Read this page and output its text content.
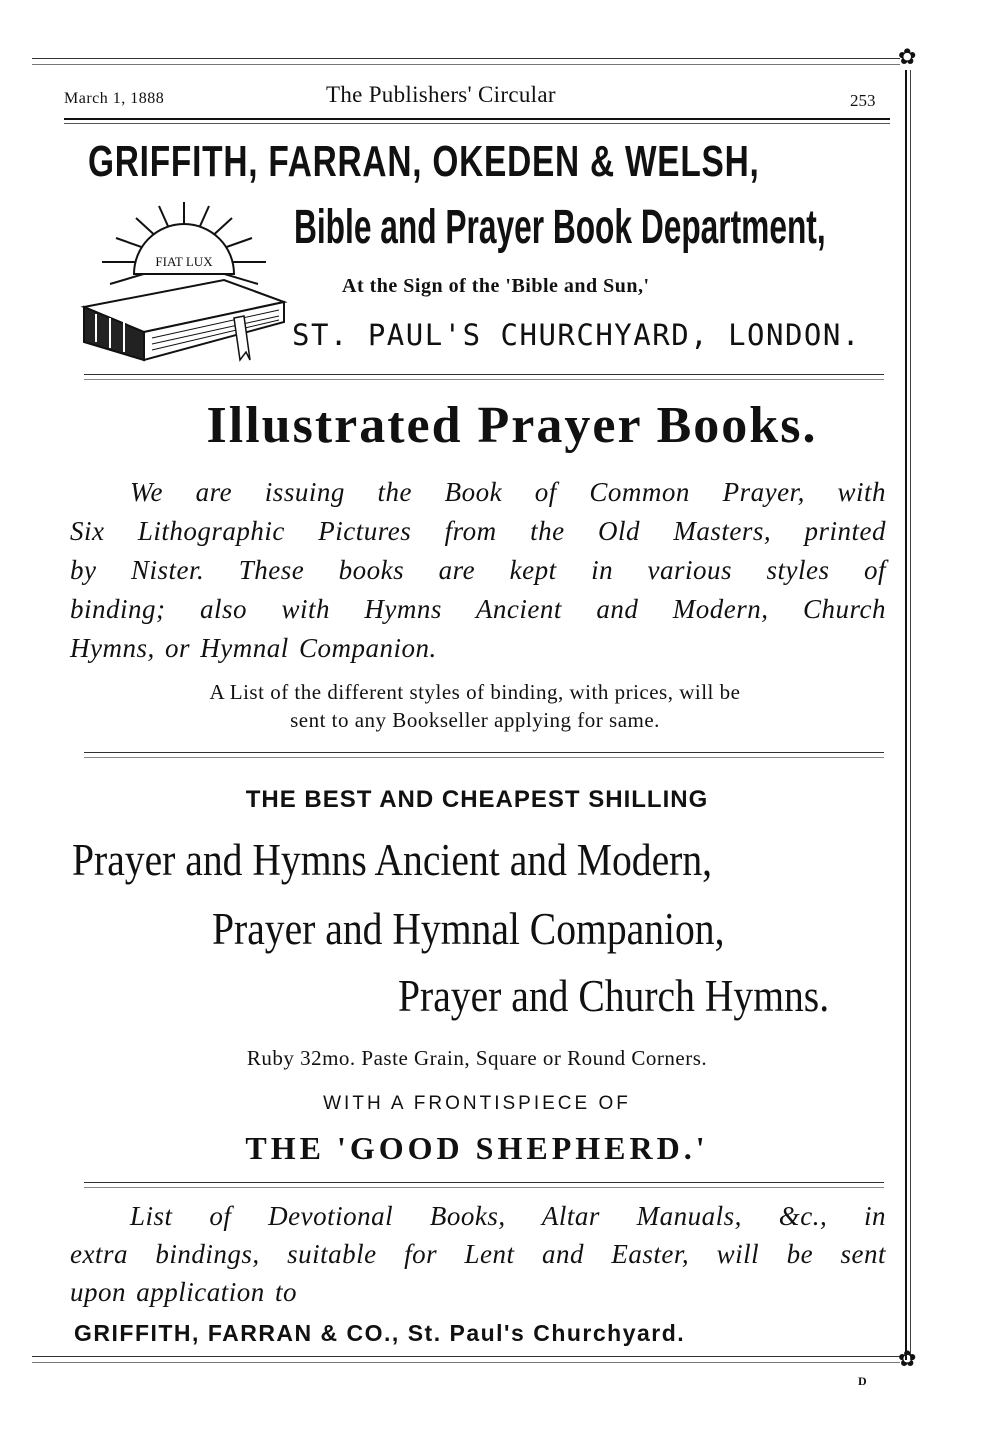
✿
March 1, 1888	The Publishers' Circular	253
GRIFFITH, FARRAN, OKEDEN & WELSH,
FIAT LUX
Bible and Prayer Book Department,
At the Sign of the 'Bible and Sun,'
ST. PAUL'S CHURCHYARD, LONDON.
Illustrated Prayer Books.
We are issuing the Book of Common Prayer, with
Six Lithographic Pictures from the Old Masters, printed
by Nister. These books are kept in various styles of
binding; also with Hymns Ancient and Modern, Church
Hymns, or Hymnal Companion.
A List of the different styles of binding, with prices, will be
sent to any Bookseller applying for same.
THE BEST AND CHEAPEST SHILLING
Prayer and Hymns Ancient and Modern,
Prayer and Hymnal Companion,
Prayer and Church Hymns.
Ruby 32mo. Paste Grain, Square or Round Corners.
WITH A FRONTISPIECE OF
THE 'GOOD SHEPHERD.'
List of Devotional Books, Altar Manuals, &c., in
extra bindings, suitable for Lent and Easter, will be sent
upon application to
GRIFFITH, FARRAN & CO., St. Paul's Churchyard.
✿
D
